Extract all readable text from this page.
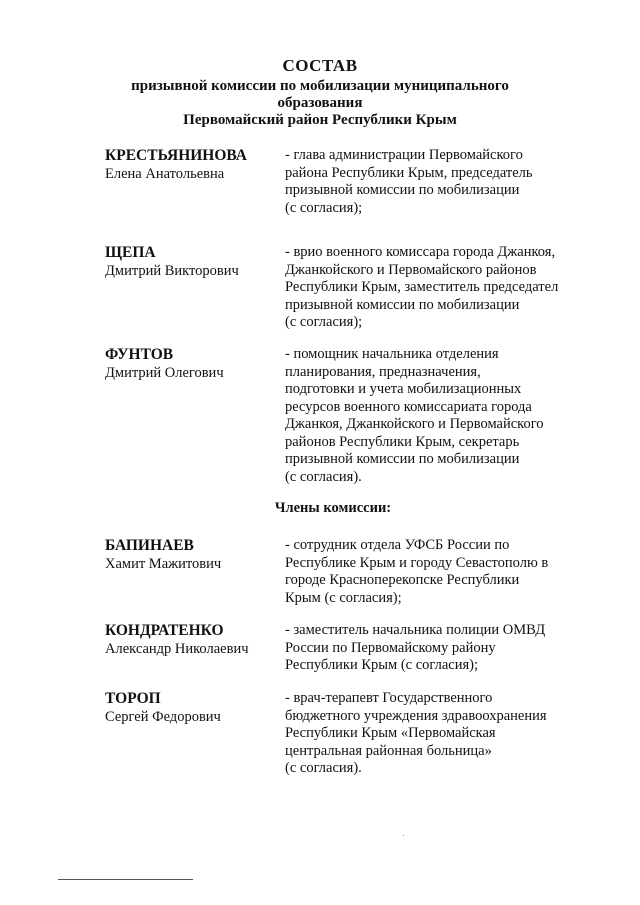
СОСТАВ
призывной комиссии по мобилизации муниципального образования
Первомайский район Республики Крым
КРЕСТЬЯНИНОВА
Елена Анатольевна
- глава администрации Первомайского
района Республики Крым, председатель
призывной комиссии по мобилизации
(с согласия);
ЩЕПА
Дмитрий Викторович
- врио военного комиссара города Джанкоя,
Джанкойского и Первомайского районов
Республики Крым, заместитель председател
призывной комиссии по мобилизации
(с согласия);
ФУНТОВ
Дмитрий Олегович
- помощник начальника отделения
планирования, предназначения,
подготовки и учета мобилизационных
ресурсов военного комиссариата города
Джанкоя, Джанкойского и Первомайского
районов Республики Крым, секретарь
призывной комиссии по мобилизации
(с согласия).
Члены комиссии:
БАПИНАЕВ
Хамит Мажитович
- сотрудник отдела УФСБ России по
Республике Крым и городу Севастополю в
городе Красноперекопске Республики
Крым (с согласия);
КОНДРАТЕНКО
Александр Николаевич
- заместитель начальника полиции ОМВД
России по Первомайскому району
Республики Крым (с согласия);
ТОРОП
Сергей Федорович
- врач-терапевт Государственного
бюджетного учреждения здравоохранения
Республики Крым «Первомайская
центральная районная больница»
(с согласия).
